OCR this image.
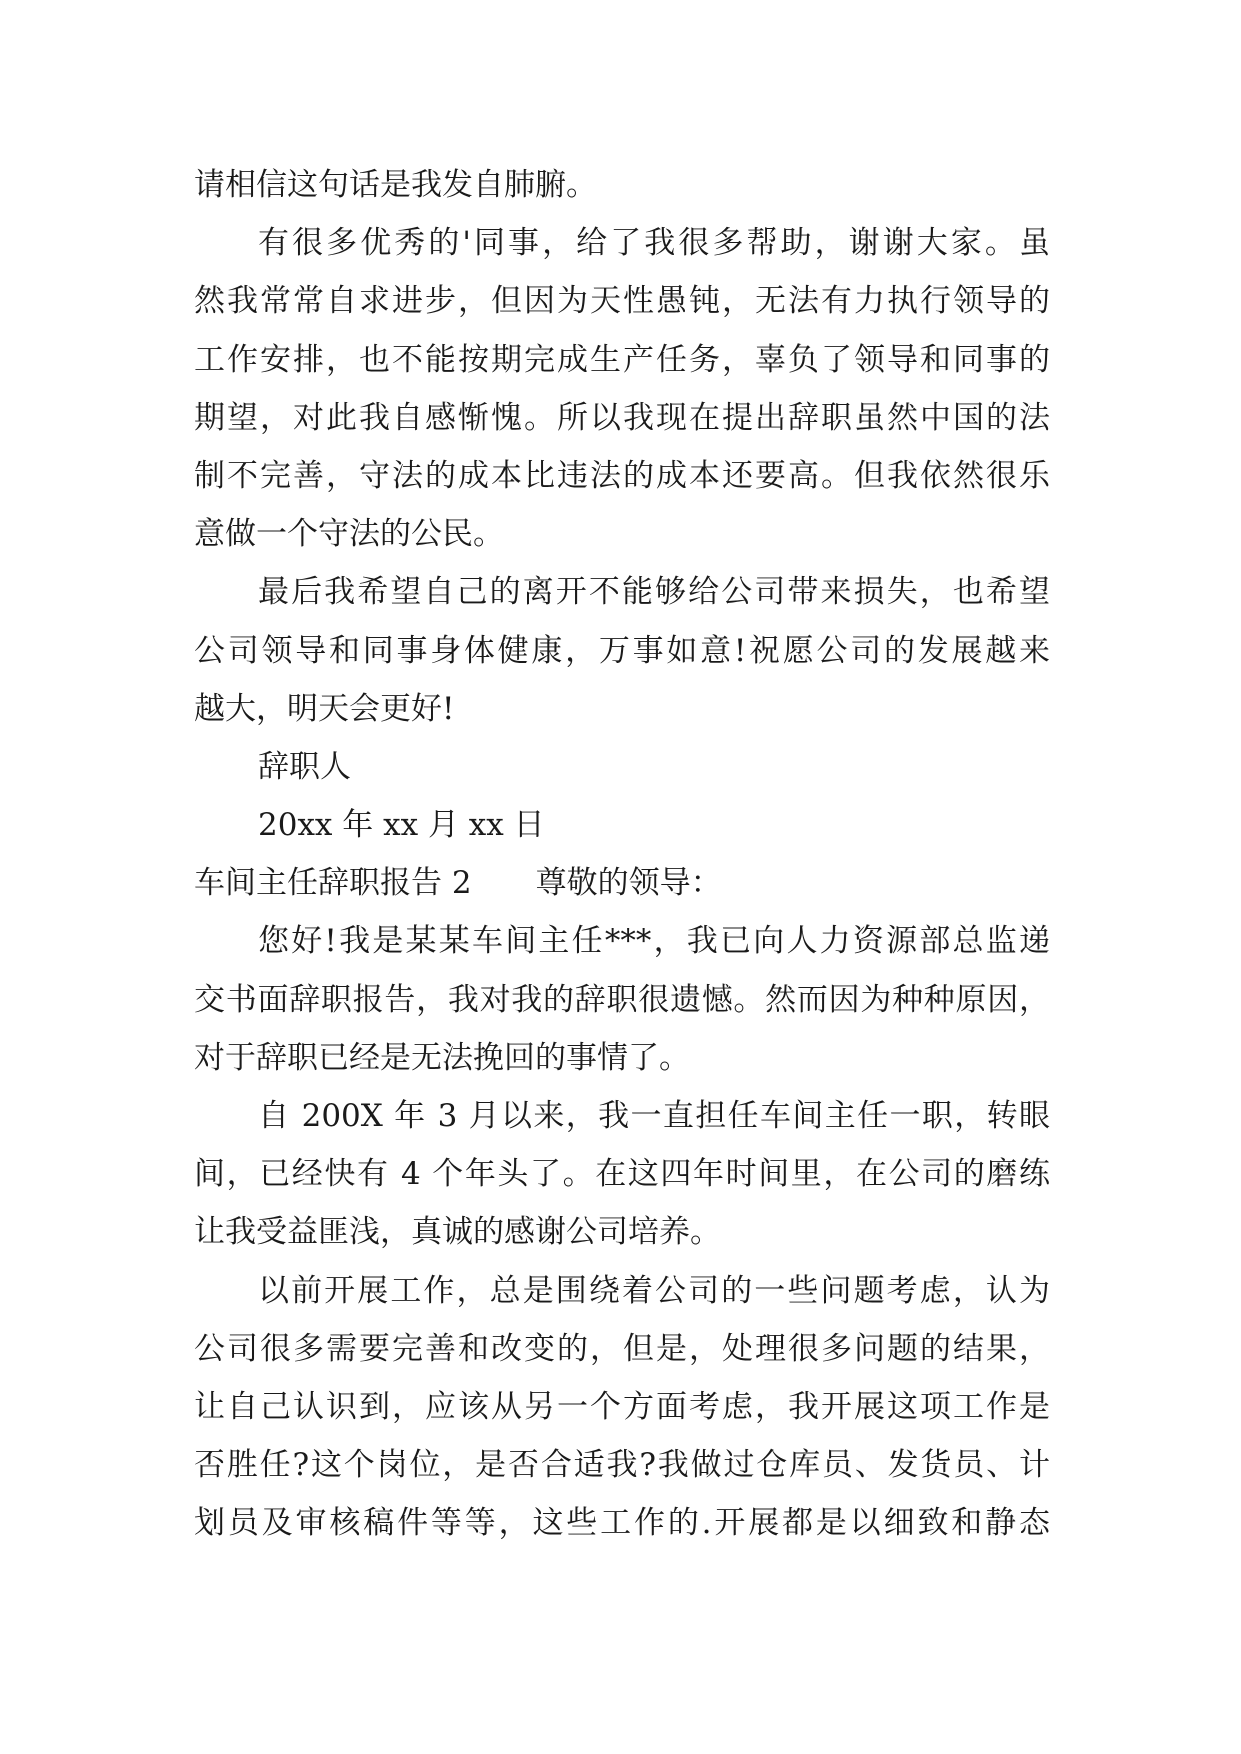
请相信这句话是我发自肺腑。
有很多优秀的'同事，给了我很多帮助，谢谢大家。虽
然我常常自求进步，但因为天性愚钝，无法有力执行领导的
工作安排，也不能按期完成生产任务，辜负了领导和同事的
期望，对此我自感惭愧。所以我现在提出辞职虽然中国的法
制不完善，守法的成本比违法的成本还要高。但我依然很乐
意做一个守法的公民。
最后我希望自己的离开不能够给公司带来损失，也希望
公司领导和同事身体健康，万事如意!祝愿公司的发展越来
越大，明天会更好!
辞职人
20xx 年 xx 月 xx 日
车间主任辞职报告 2 尊敬的领导：
您好!我是某某车间主任***，我已向人力资源部总监递
交书面辞职报告，我对我的辞职很遗憾。然而因为种种原因，
对于辞职已经是无法挽回的事情了。
自 200X 年 3 月以来，我一直担任车间主任一职，转眼
间，已经快有 4 个年头了。在这四年时间里，在公司的磨练
让我受益匪浅，真诚的感谢公司培养。
以前开展工作，总是围绕着公司的一些问题考虑，认为
公司很多需要完善和改变的，但是，处理很多问题的结果，
让自己认识到，应该从另一个方面考虑，我开展这项工作是
否胜任?这个岗位，是否合适我?我做过仓库员、发货员、计
划员及审核稿件等等，这些工作的.开展都是以细致和静态
